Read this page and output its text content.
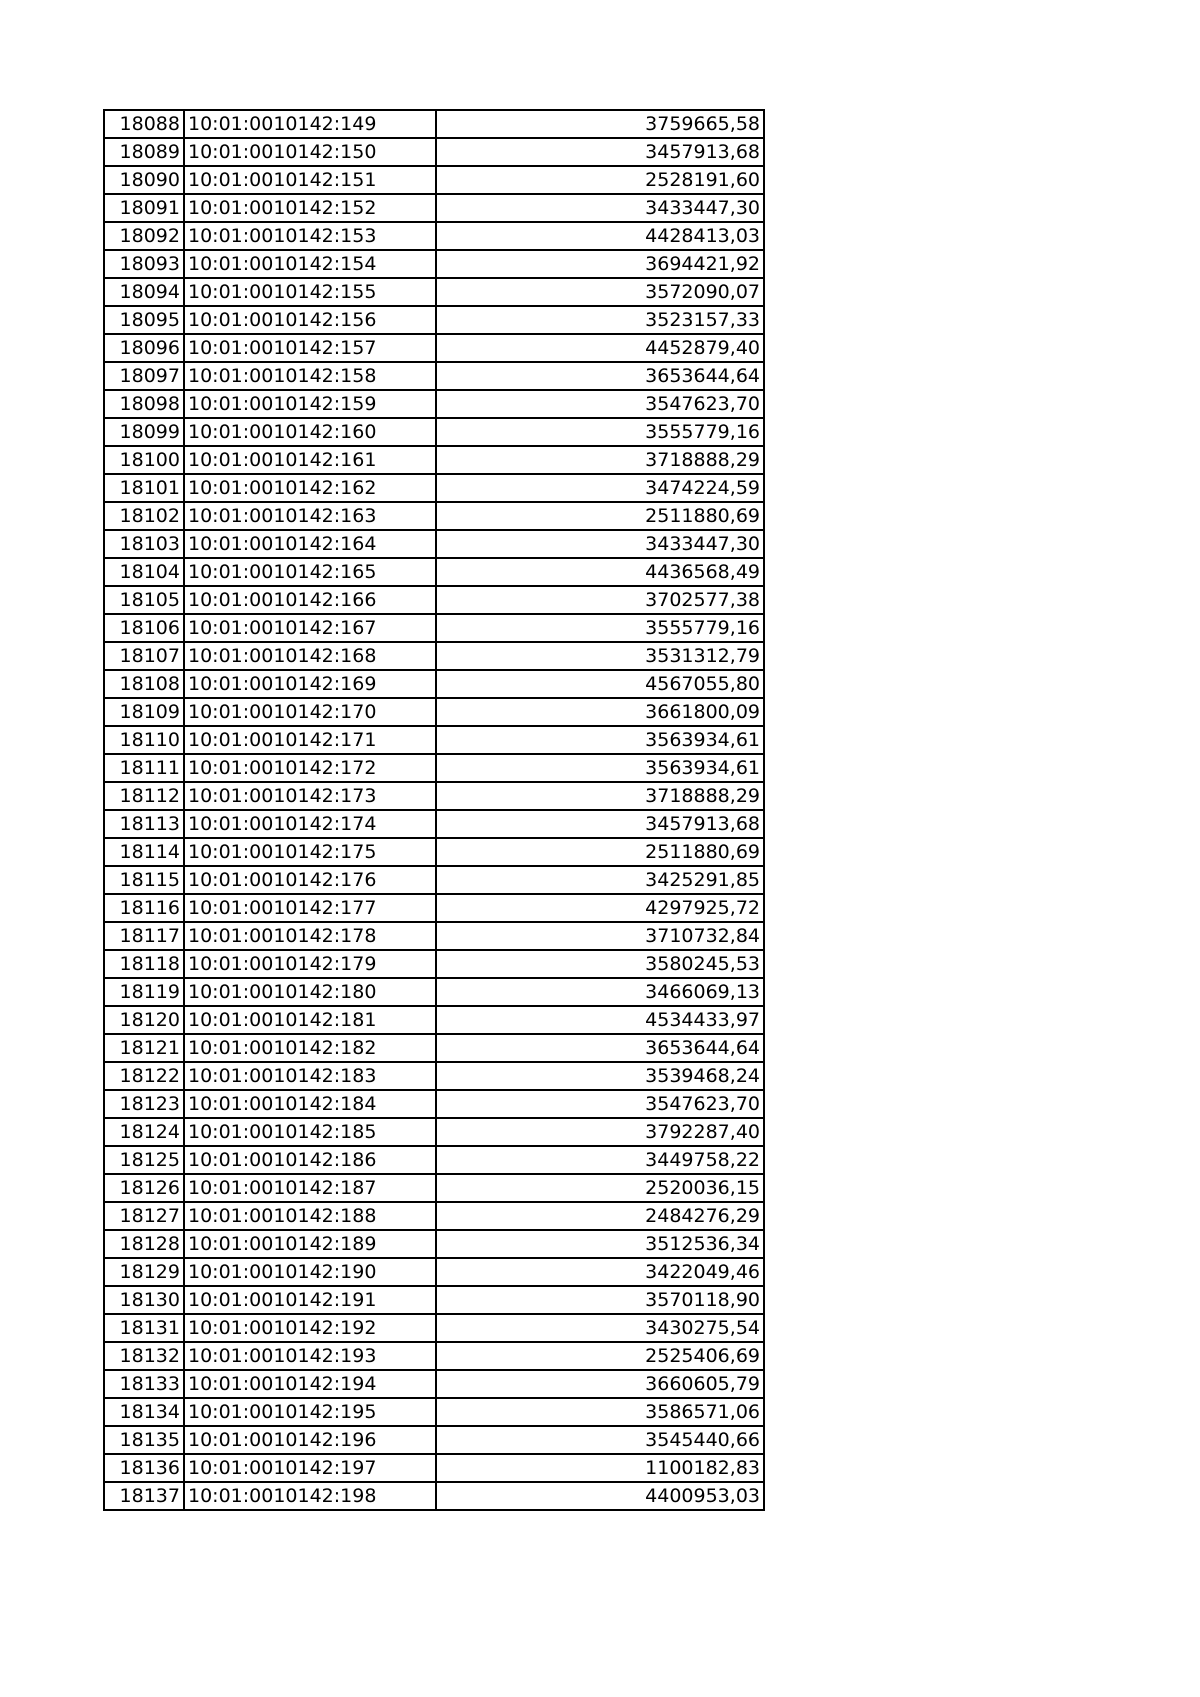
18088	10:01:0010142:149	3759665,58
18089	10:01:0010142:150	3457913,68
18090	10:01:0010142:151	2528191,60
18091	10:01:0010142:152	3433447,30
18092	10:01:0010142:153	4428413,03
18093	10:01:0010142:154	3694421,92
18094	10:01:0010142:155	3572090,07
18095	10:01:0010142:156	3523157,33
18096	10:01:0010142:157	4452879,40
18097	10:01:0010142:158	3653644,64
18098	10:01:0010142:159	3547623,70
18099	10:01:0010142:160	3555779,16
18100	10:01:0010142:161	3718888,29
18101	10:01:0010142:162	3474224,59
18102	10:01:0010142:163	2511880,69
18103	10:01:0010142:164	3433447,30
18104	10:01:0010142:165	4436568,49
18105	10:01:0010142:166	3702577,38
18106	10:01:0010142:167	3555779,16
18107	10:01:0010142:168	3531312,79
18108	10:01:0010142:169	4567055,80
18109	10:01:0010142:170	3661800,09
18110	10:01:0010142:171	3563934,61
18111	10:01:0010142:172	3563934,61
18112	10:01:0010142:173	3718888,29
18113	10:01:0010142:174	3457913,68
18114	10:01:0010142:175	2511880,69
18115	10:01:0010142:176	3425291,85
18116	10:01:0010142:177	4297925,72
18117	10:01:0010142:178	3710732,84
18118	10:01:0010142:179	3580245,53
18119	10:01:0010142:180	3466069,13
18120	10:01:0010142:181	4534433,97
18121	10:01:0010142:182	3653644,64
18122	10:01:0010142:183	3539468,24
18123	10:01:0010142:184	3547623,70
18124	10:01:0010142:185	3792287,40
18125	10:01:0010142:186	3449758,22
18126	10:01:0010142:187	2520036,15
18127	10:01:0010142:188	2484276,29
18128	10:01:0010142:189	3512536,34
18129	10:01:0010142:190	3422049,46
18130	10:01:0010142:191	3570118,90
18131	10:01:0010142:192	3430275,54
18132	10:01:0010142:193	2525406,69
18133	10:01:0010142:194	3660605,79
18134	10:01:0010142:195	3586571,06
18135	10:01:0010142:196	3545440,66
18136	10:01:0010142:197	1100182,83
18137	10:01:0010142:198	4400953,03
